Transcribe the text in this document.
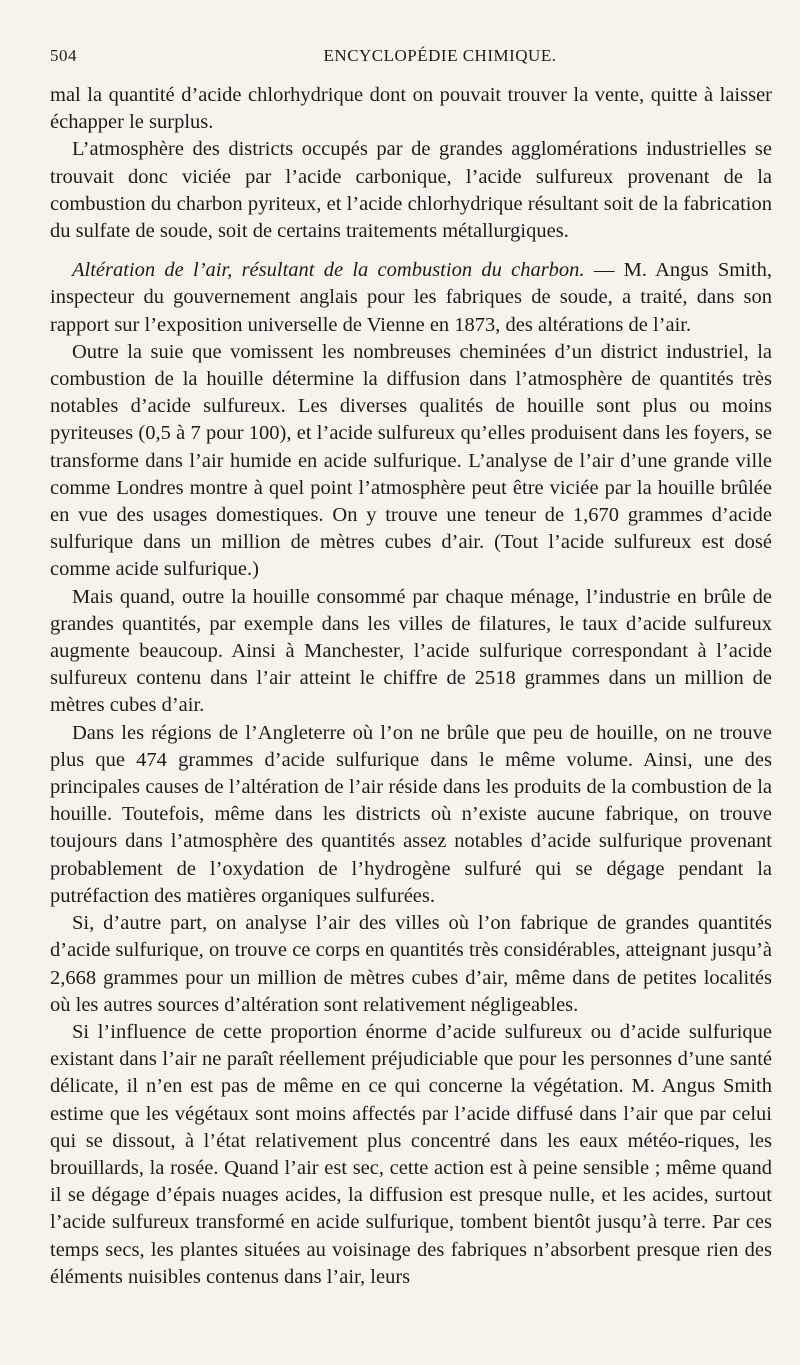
504	ENCYCLOPÉDIE CHIMIQUE.

mal la quantité d’acide chlorhydrique dont on pouvait trouver la vente, quitte à laisser échapper le surplus.

L’atmosphère des districts occupés par de grandes agglomérations industrielles se trouvait donc viciée par l’acide carbonique, l’acide sulfureux provenant de la combustion du charbon pyriteux, et l’acide chlorhydrique résultant soit de la fabrication du sulfate de soude, soit de certains traitements métallurgiques.

Altération de l’air, résultant de la combustion du charbon. — M. Angus Smith, inspecteur du gouvernement anglais pour les fabriques de soude, a traité, dans son rapport sur l’exposition universelle de Vienne en 1873, des altérations de l’air.

Outre la suie que vomissent les nombreuses cheminées d’un district industriel, la combustion de la houille détermine la diffusion dans l’atmosphère de quantités très notables d’acide sulfureux. Les diverses qualités de houille sont plus ou moins pyriteuses (0,5 à 7 pour 100), et l’acide sulfureux qu’elles produisent dans les foyers, se transforme dans l’air humide en acide sulfurique. L’analyse de l’air d’une grande ville comme Londres montre à quel point l’atmosphère peut être viciée par la houille brûlée en vue des usages domestiques. On y trouve une teneur de 1,670 grammes d’acide sulfurique dans un million de mètres cubes d’air. (Tout l’acide sulfureux est dosé comme acide sulfurique.)

Mais quand, outre la houille consommé par chaque ménage, l’industrie en brûle de grandes quantités, par exemple dans les villes de filatures, le taux d’acide sulfureux augmente beaucoup. Ainsi à Manchester, l’acide sulfurique correspondant à l’acide sulfureux contenu dans l’air atteint le chiffre de 2518 grammes dans un million de mètres cubes d’air.

Dans les régions de l’Angleterre où l’on ne brûle que peu de houille, on ne trouve plus que 474 grammes d’acide sulfurique dans le même volume. Ainsi, une des principales causes de l’altération de l’air réside dans les produits de la combustion de la houille. Toutefois, même dans les districts où n’existe aucune fabrique, on trouve toujours dans l’atmosphère des quantités assez notables d’acide sulfurique provenant probablement de l’oxydation de l’hydrogène sulfuré qui se dégage pendant la putréfaction des matières organiques sulfurées.

Si, d’autre part, on analyse l’air des villes où l’on fabrique de grandes quantités d’acide sulfurique, on trouve ce corps en quantités très considérables, atteignant jusqu’à 2,668 grammes pour un million de mètres cubes d’air, même dans de petites localités où les autres sources d’altération sont relativement négligeables.

Si l’influence de cette proportion énorme d’acide sulfureux ou d’acide sulfurique existant dans l’air ne paraît réellement préjudiciable que pour les personnes d’une santé délicate, il n’en est pas de même en ce qui concerne la végétation. M. Angus Smith estime que les végétaux sont moins affectés par l’acide diffusé dans l’air que par celui qui se dissout, à l’état relativement plus concentré dans les eaux météo-riques, les brouillards, la rosée. Quand l’air est sec, cette action est à peine sensible ; même quand il se dégage d’épais nuages acides, la diffusion est presque nulle, et les acides, surtout l’acide sulfureux transformé en acide sulfurique, tombent bientôt jusqu’à terre. Par ces temps secs, les plantes situées au voisinage des fabriques n’absorbent presque rien des éléments nuisibles contenus dans l’air, leurs
